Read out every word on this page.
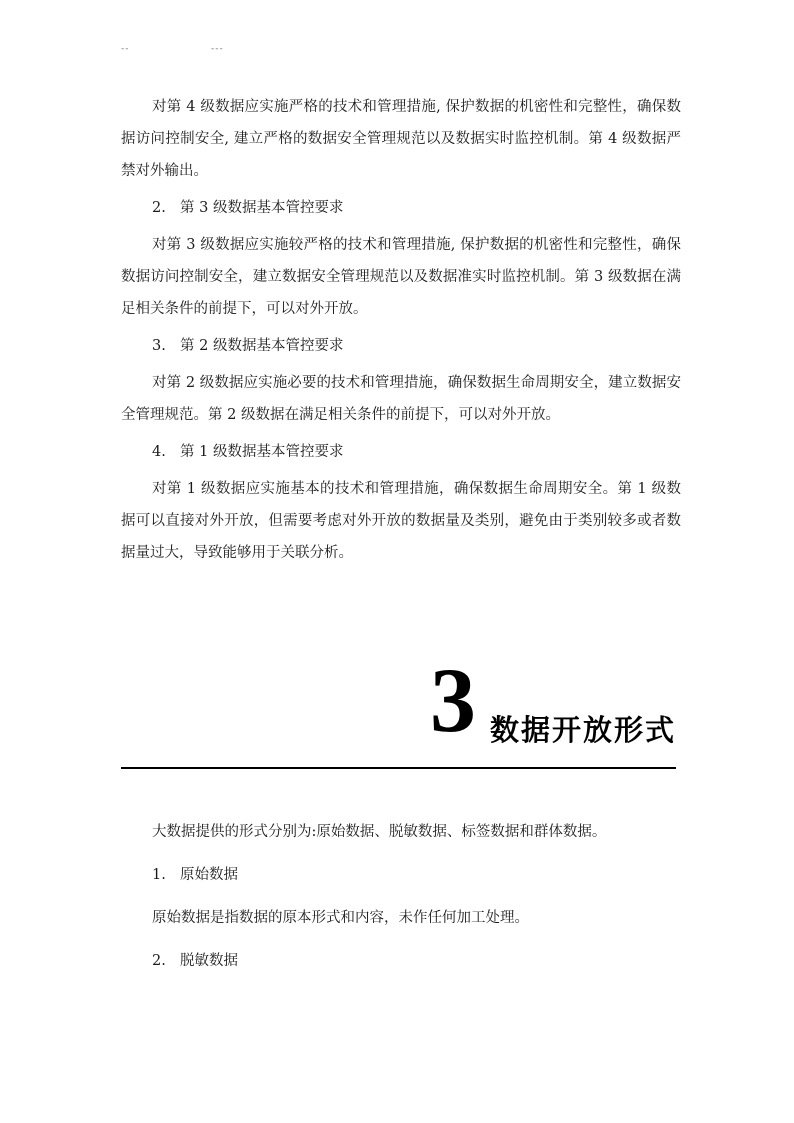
--	---

对第 4 级数据应实施严格的技术和管理措施, 保护数据的机密性和完整性，确保数据访问控制安全, 建立严格的数据安全管理规范以及数据实时监控机制。第 4 级数据严禁对外输出。

2. 第 3 级数据基本管控要求

对第 3 级数据应实施较严格的技术和管理措施, 保护数据的机密性和完整性，确保数据访问控制安全，建立数据安全管理规范以及数据准实时监控机制。第 3 级数据在满足相关条件的前提下，可以对外开放。

3. 第 2 级数据基本管控要求

对第 2 级数据应实施必要的技术和管理措施，确保数据生命周期安全，建立数据安全管理规范。第 2 级数据在满足相关条件的前提下，可以对外开放。

4. 第 1 级数据基本管控要求

对第 1 级数据应实施基本的技术和管理措施，确保数据生命周期安全。第 1 级数据可以直接对外开放，但需要考虑对外开放的数据量及类别，避免由于类别较多或者数据量过大，导致能够用于关联分析。

3 数据开放形式

大数据提供的形式分别为:原始数据、脱敏数据、标签数据和群体数据。

1. 原始数据

原始数据是指数据的原本形式和内容，未作任何加工处理。

2. 脱敏数据
